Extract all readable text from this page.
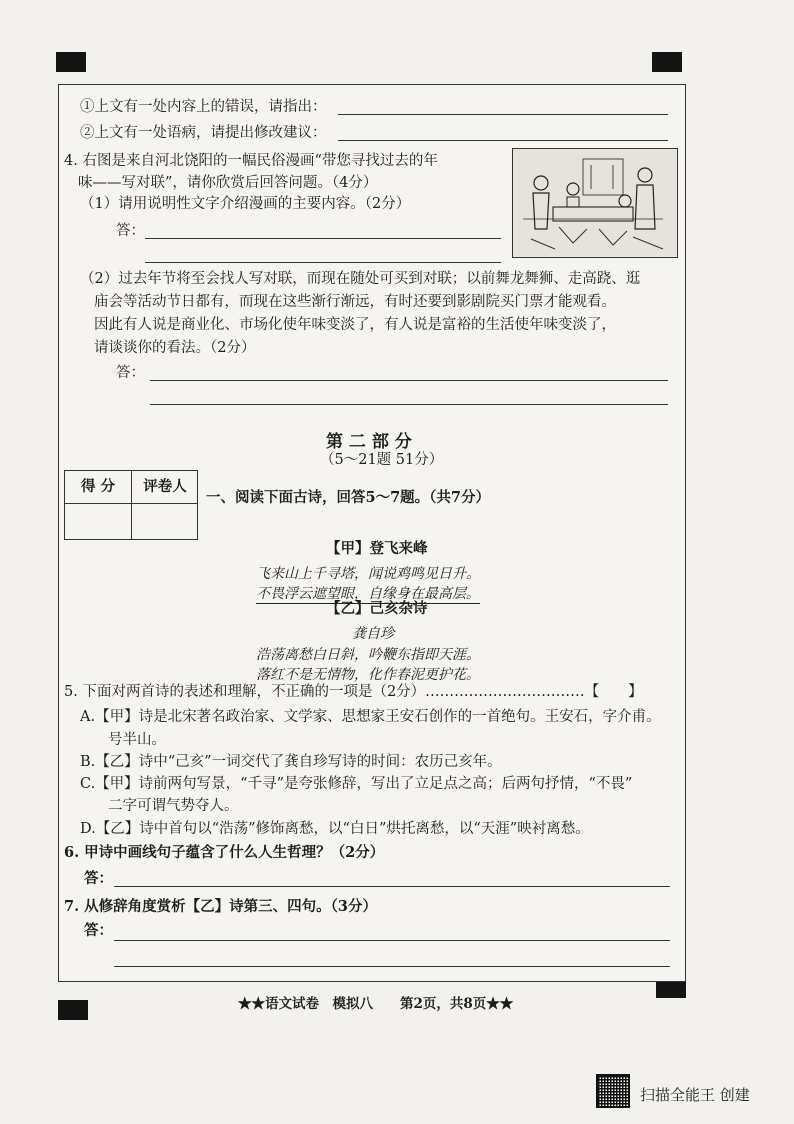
①上文有一处内容上的错误，请指出：
②上文有一处语病，请提出修改建议：
4. 右图是来自河北饶阳的一幅民俗漫画“带您寻找过去的年
味——写对联”，请你欣赏后回答问题。（4分）
（1）请用说明性文字介绍漫画的主要内容。（2分）
答：
（2）过去年节将至会找人写对联，而现在随处可买到对联；以前舞龙舞狮、走高跷、逛
庙会等活动节日都有，而现在这些渐行渐远，有时还要到影剧院买门票才能观看。
因此有人说是商业化、市场化使年味变淡了，有人说是富裕的生活使年味变淡了，
请谈谈你的看法。（2分）
答：
第 二 部 分
（5～21题 51分）
得 分	评卷人
一、阅读下面古诗，回答5～7题。（共7分）
【甲】登飞来峰
飞来山上千寻塔，闻说鸡鸣见日升。
不畏浮云遮望眼，自缘身在最高层。
【乙】己亥杂诗
龚自珍
浩荡离愁白日斜，吟鞭东指即天涯。
落红不是无情物，化作春泥更护花。
5. 下面对两首诗的表述和理解，不正确的一项是（2分）……………………………【　　】
A.【甲】诗是北宋著名政治家、文学家、思想家王安石创作的一首绝句。王安石，字介甫。
号半山。
B.【乙】诗中“己亥”一词交代了龚自珍写诗的时间：农历己亥年。
C.【甲】诗前两句写景，“千寻”是夸张修辞，写出了立足点之高；后两句抒情，“不畏”
二字可谓气势夺人。
D.【乙】诗中首句以“浩荡”修饰离愁，以“白日”烘托离愁，以“天涯”映衬离愁。
6. 甲诗中画线句子蕴含了什么人生哲理？（2分）
答：
7. 从修辞角度赏析【乙】诗第三、四句。（3分）
答：
★★语文试卷　模拟八　　第2页，共8页★★
扫描全能王 创建
